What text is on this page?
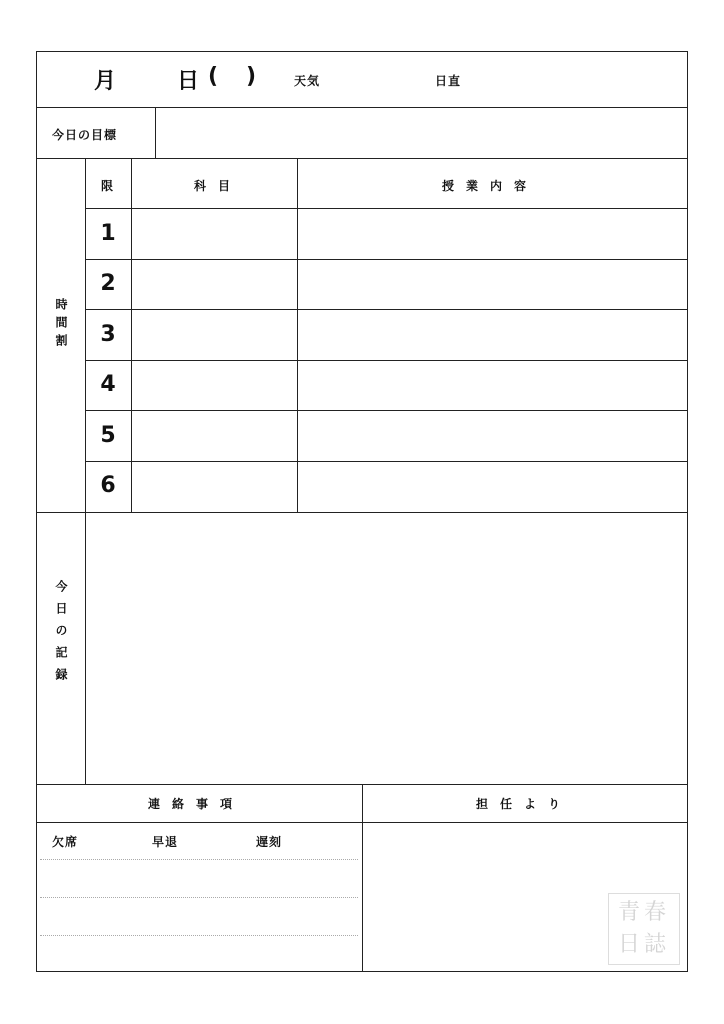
月	日 ( )	天気	日直
今日の目標
時間割
限	科目	授業内容
1
2
3
4
5
6
今日の記録
連絡事項	担任より
欠席	早退	遅刻
青春
日誌
